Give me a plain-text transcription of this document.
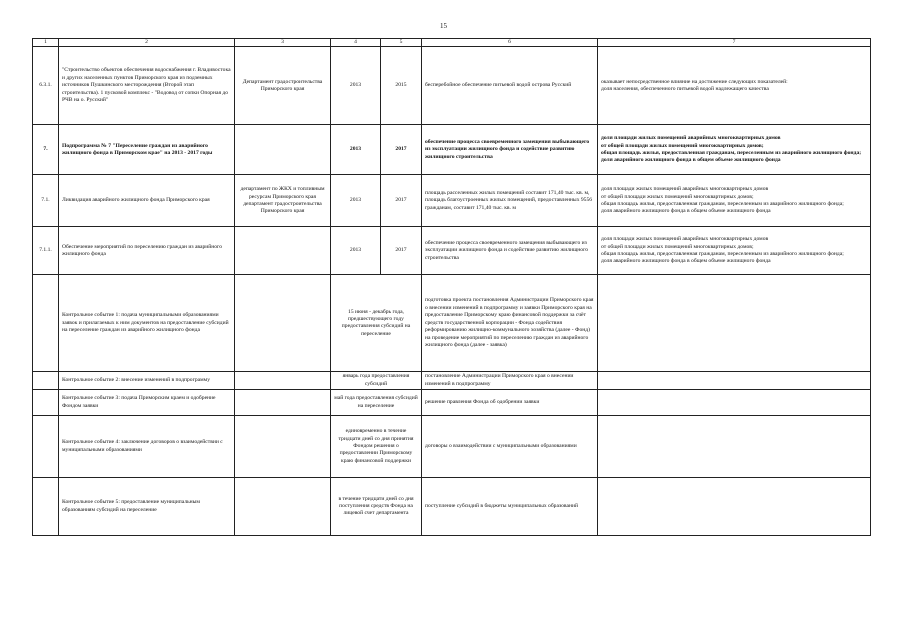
15
1	2	3	4	5	6	7
6.3.1.	"Строительство объектов обеспечения водоснабжения г. Владивостока и других населенных пунктов Приморского края из подземных источников Пушкинского месторождения (Второй этап строительства). 1 пусковой комплекс - "Водовод от сопки Опорная до РЧВ на о. Русский"	Департамент градостроительства Приморского края	2013	2015	бесперебойное обеспечение питьевой водой острова Русский	оказывает непосредственное влияние на достижение следующих показателей:
доля населения, обеспеченного питьевой водой надлежащего качества

7.	Подпрограмма № 7 "Переселение граждан из аварийного жилищного фонда в Приморском крае" на 2013 - 2017 годы		2013	2017	обеспечение процесса своевременного замещения выбывающего из эксплуатации жилищного фонда и содействие развитию жилищного строительства	доля площади жилых помещений аварийных многоквартирных домов
от общей площади жилых помещений многоквартирных домов;
общая площадь жилья, предоставленная гражданам, переселенным из аварийного жилищного фонда;
доля аварийного жилищного фонда в общем объеме жилищного фонда

7.1.	Ликвидация аварийного жилищного фонда Приморского края	департамент по ЖКХ и топливным ресурсам Приморского края департамент градостроительства Приморского края	2013	2017	площадь расселенных жилых помещений составит 171,40 тыс. кв. м, площадь благоустроенных жилых помещений, предоставленных 9556 гражданам, составит 171,40 тыс. кв. м	доля площади жилых помещений аварийных многоквартирных домов
от общей площади жилых помещений многоквартирных домов;
общая площадь жилья, предоставленная гражданам, переселенным из аварийного жилищного фонда;
доля аварийного жилищного фонда в общем объеме жилищного фонда

7.1.1.	Обеспечение мероприятий по переселению граждан из аварийного жилищного фонда		2013	2017	обеспечение процесса своевременного замещения выбывающего из эксплуатации жилищного фонда и содействие развитию жилищного строительства	доля площади жилых помещений аварийных многоквартирных домов
от общей площади жилых помещений многоквартирных домов;
общая площадь жилья, предоставленная гражданам, переселенным из аварийного жилищного фонда;
доля аварийного жилищного фонда в общем объеме жилищного фонда

	Контрольное событие 1: подача муниципальными образованиями заявок и прилагаемых к ним документов на предоставление субсидий на переселение граждан из аварийного жилищного фонда		15 июня - декабрь года, предшествующего году предоставления субсидий на переселение		подготовка проекта постановления Администрации Приморского края о внесении изменений в подпрограмму и заявки Приморского края на предоставление Приморскому краю финансовой поддержки за счёт средств государственной корпорации - Фонда содействия реформированию жилищно-коммунального хозяйства (далее - Фонд) на проведение мероприятий по переселению граждан из аварийного жилищного фонда (далее - заявка)	
	Контрольное событие 2: внесение изменений в подпрограмму		январь года предоставления субсидий		постановление Администрации Приморского края о внесении изменений в подпрограмму	
	Контрольное событие 3: подача Приморским краем и одобрение Фондом заявки		май года предоставления субсидий на переселение		решение правления Фонда об одобрении заявки	
	Контрольное событие 4: заключение договоров о взаимодействии с муниципальными образованиями		единовременно в течение тридцати дней со дня принятия Фондом решения о предоставлении Приморскому краю финансовой поддержки		договоры о взаимодействии с муниципальными образованиями	
	Контрольное событие 5: предоставление муниципальным образованиям субсидий на переселение		в течение тридцати дней со дня поступления средств Фонда на лицевой счет департамента		поступление субсидий в бюджеты муниципальных образований	
